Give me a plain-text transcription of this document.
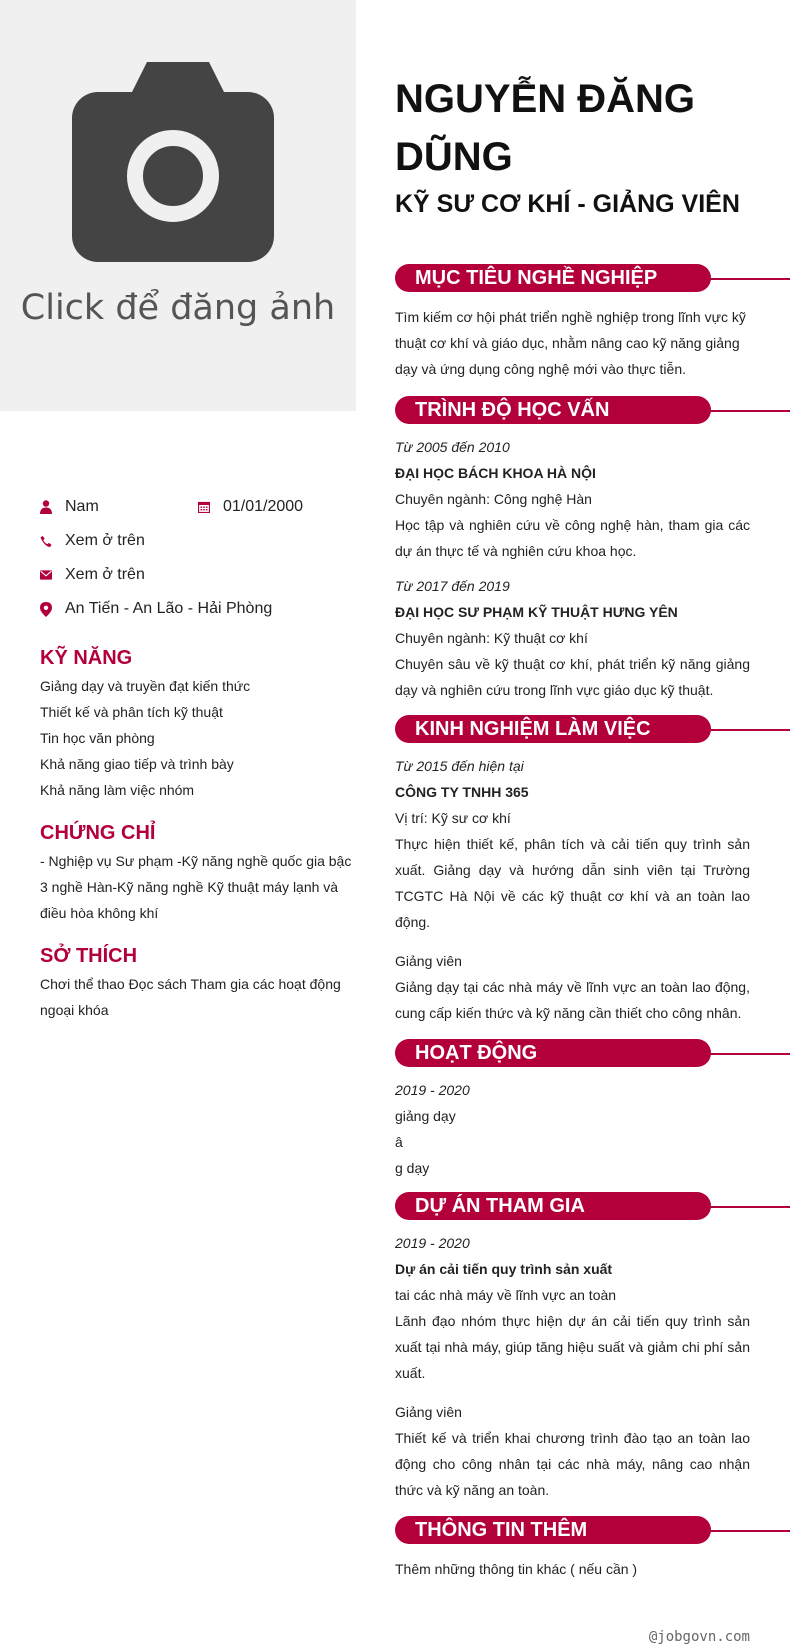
Click để đăng ảnh
Nam	01/01/2000
Xem ở trên
Xem ở trên
An Tiến - An Lão - Hải Phòng
KỸ NĂNG
Giảng dạy và truyền đạt kiến thức
Thiết kế và phân tích kỹ thuật
Tin học văn phòng
Khả năng giao tiếp và trình bày
Khả năng làm việc nhóm
CHỨNG CHỈ
- Nghiệp vụ Sư phạm -Kỹ năng nghề quốc gia bậc 3 nghề Hàn-Kỹ năng nghề Kỹ thuật máy lạnh và điều hòa không khí
SỞ THÍCH
Chơi thể thao Đọc sách Tham gia các hoạt động ngoại khóa
NGUYỄN ĐĂNG
DŨNG
KỸ SƯ CƠ KHÍ - GIẢNG VIÊN
MỤC TIÊU NGHỀ NGHIỆP
Tìm kiếm cơ hội phát triển nghề nghiệp trong lĩnh vực kỹ thuật cơ khí và giáo dục, nhằm nâng cao kỹ năng giảng dạy và ứng dụng công nghệ mới vào thực tiễn.
TRÌNH ĐỘ HỌC VẤN
Từ 2005 đến 2010
ĐẠI HỌC BÁCH KHOA HÀ NỘI
Chuyên ngành: Công nghệ Hàn
Học tập và nghiên cứu về công nghệ hàn, tham gia các dự án thực tế và nghiên cứu khoa học.
Từ 2017 đến 2019
ĐẠI HỌC SƯ PHẠM KỸ THUẬT HƯNG YÊN
Chuyên ngành: Kỹ thuật cơ khí
Chuyên sâu về kỹ thuật cơ khí, phát triển kỹ năng giảng dạy và nghiên cứu trong lĩnh vực giáo dục kỹ thuật.
KINH NGHIỆM LÀM VIỆC
Từ 2015 đến hiện tại
CÔNG TY TNHH 365
Vị trí: Kỹ sư cơ khí
Thực hiện thiết kế, phân tích và cải tiến quy trình sản xuất. Giảng dạy và hướng dẫn sinh viên tại Trường TCGTC Hà Nội về các kỹ thuật cơ khí và an toàn lao động.
Giảng viên
Giảng dạy tại các nhà máy về lĩnh vực an toàn lao động, cung cấp kiến thức và kỹ năng cần thiết cho công nhân.
HOẠT ĐỘNG
2019 - 2020
giảng dạy
â
g dạy
DỰ ÁN THAM GIA
2019 - 2020
Dự án cải tiến quy trình sản xuất
tai các nhà máy về lĩnh vực an toàn
Lãnh đạo nhóm thực hiện dự án cải tiến quy trình sản xuất tại nhà máy, giúp tăng hiệu suất và giảm chi phí sản xuất.
Giảng viên
Thiết kế và triển khai chương trình đào tạo an toàn lao động cho công nhân tại các nhà máy, nâng cao nhận thức và kỹ năng an toàn.
THÔNG TIN THÊM
Thêm những thông tin khác ( nếu cần )
@jobgovn.com
